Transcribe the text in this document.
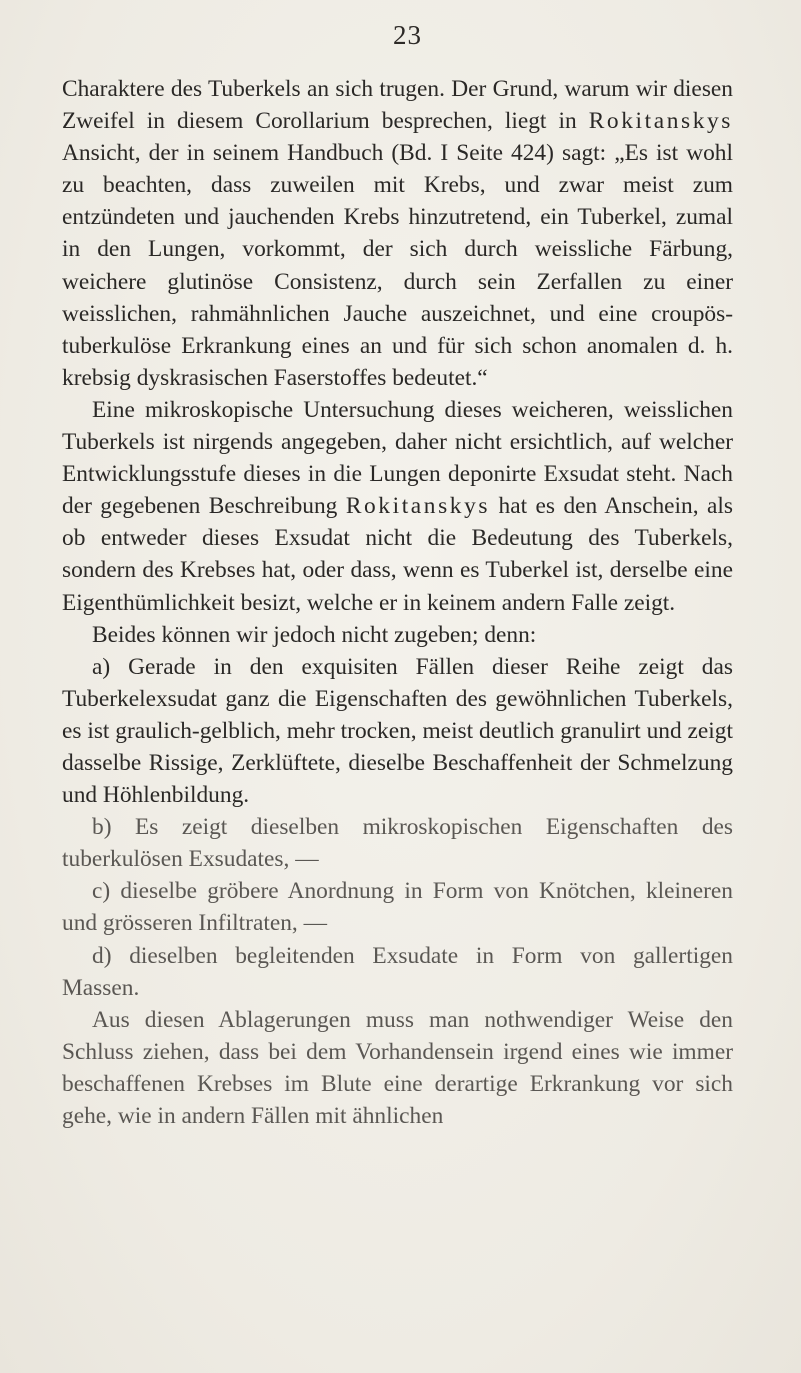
23

Charaktere des Tuberkels an sich trugen. Der Grund, warum wir diesen Zweifel in diesem Corollarium besprechen, liegt in Rokitanskys Ansicht, der in seinem Handbuch (Bd. I Seite 424) sagt: „Es ist wohl zu beachten, dass zuweilen mit Krebs, und zwar meist zum entzündeten und jauchenden Krebs hinzutretend, ein Tuberkel, zumal in den Lungen, vorkommt, der sich durch weissliche Färbung, weichere glutinöse Consistenz, durch sein Zerfallen zu einer weisslichen, rahmähnlichen Jauche auszeichnet, und eine croupös-tuberkulöse Erkrankung eines an und für sich schon anomalen d. h. krebsig dyskrasischen Faserstoffes bedeutet.“

Eine mikroskopische Untersuchung dieses weicheren, weisslichen Tuberkels ist nirgends angegeben, daher nicht ersichtlich, auf welcher Entwicklungsstufe dieses in die Lungen deponirte Exsudat steht. Nach der gegebenen Beschreibung Rokitanskys hat es den Anschein, als ob entweder dieses Exsudat nicht die Bedeutung des Tuberkels, sondern des Krebses hat, oder dass, wenn es Tuberkel ist, derselbe eine Eigenthümlichkeit besizt, welche er in keinem andern Falle zeigt.

Beides können wir jedoch nicht zugeben; denn:

a) Gerade in den exquisiten Fällen dieser Reihe zeigt das Tuberkelexsudat ganz die Eigenschaften des gewöhnlichen Tuberkels, es ist graulich-gelblich, mehr trocken, meist deutlich granulirt und zeigt dasselbe Rissige, Zerklüftete, dieselbe Beschaffenheit der Schmelzung und Höhlenbildung.

b) Es zeigt dieselben mikroskopischen Eigenschaften des tuberkulösen Exsudates, —

c) dieselbe gröbere Anordnung in Form von Knötchen, kleineren und grösseren Infiltraten, —

d) dieselben begleitenden Exsudate in Form von gallertigen Massen.

Aus diesen Ablagerungen muss man nothwendiger Weise den Schluss ziehen, dass bei dem Vorhandensein irgend eines wie immer beschaffenen Krebses im Blute eine derartige Erkrankung vor sich gehe, wie in andern Fällen mit ähnlichen
